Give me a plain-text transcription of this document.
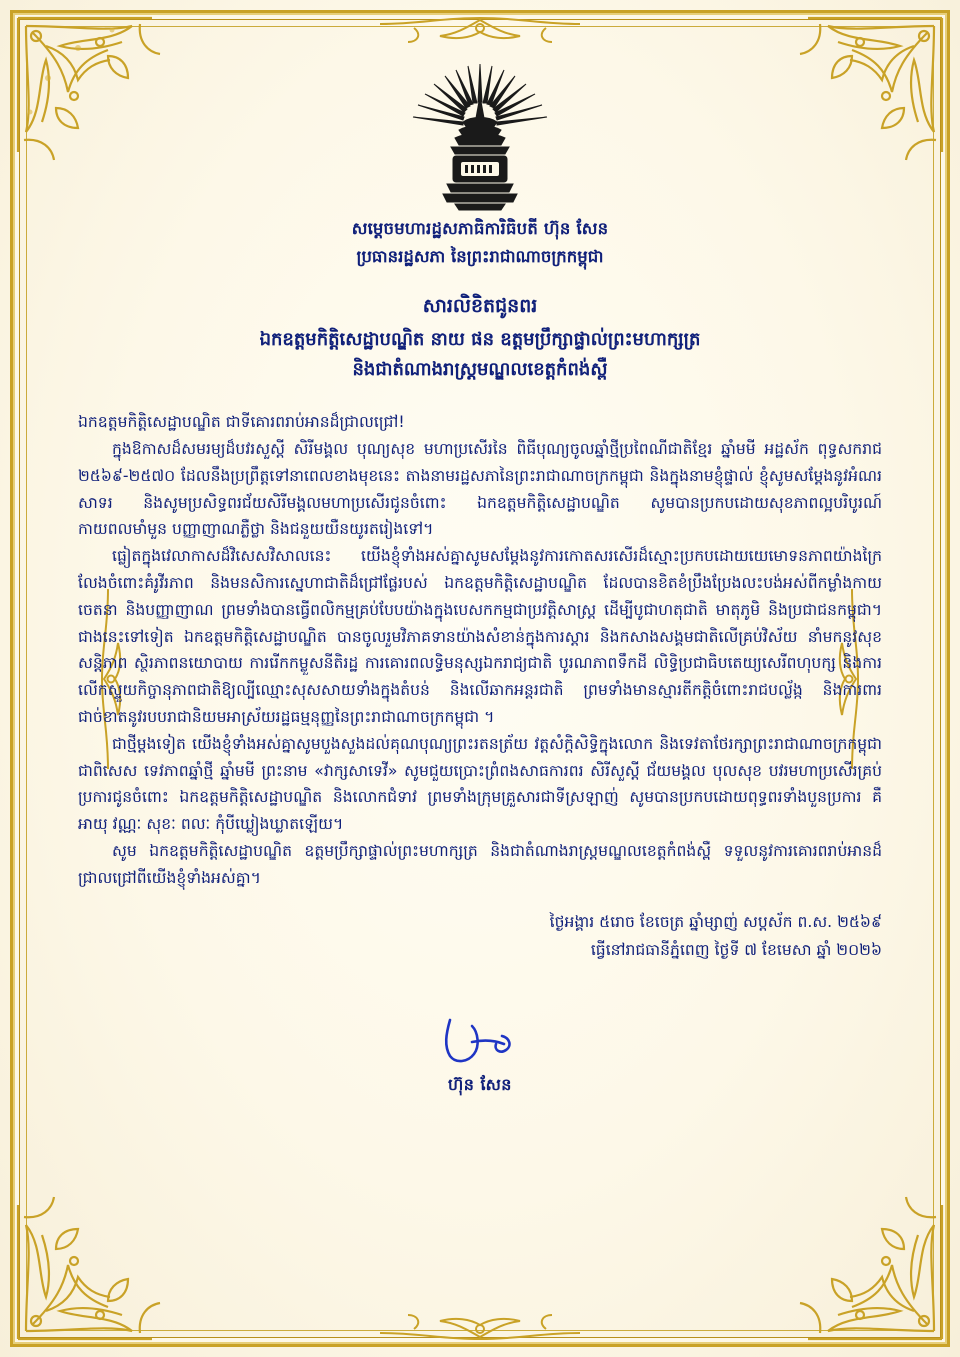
សម្តេចមហារដ្ឋសភាធិការិធិបតី ហ៊ុន សែន
ប្រធានរដ្ឋសភា នៃព្រះរាជាណាចក្រកម្ពុជា
សារលិខិតជូនពរ
ឯកឧត្តមកិត្តិសេដ្ឋាបណ្ឌិត នាយ ផន ឧត្តមប្រឹក្សាផ្ទាល់ព្រះមហាក្សត្រ
និងជាតំណាងរាស្ត្រមណ្ឌលខេត្តកំពង់ស្ពឺ

ឯកឧត្តមកិត្តិសេដ្ឋាបណ្ឌិត ជាទីគោរពរាប់អានដ៏ជ្រាលជ្រៅ!

ក្នុងឱកាសដ៏សមរម្យដ៏បវរសួស្តី សិរីមង្គល បុណ្យសុខ មហាប្រសើរនៃ ពិធីបុណ្យចូលឆ្នាំថ្មីប្រពៃណីជាតិខ្មែរ ឆ្នាំមមី អដ្ឋស័ក ពុទ្ធសករាជ ២៥៦៩-២៥៧០ ដែលនឹងប្រព្រឹត្តទៅនាពេលខាងមុខនេះ តាងនាមរដ្ឋសភានៃព្រះរាជាណាចក្រកម្ពុជា និងក្នុងនាមខ្ញុំផ្ទាល់ ខ្ញុំសូមសម្តែងនូវអំណរសាទរ និងសូមប្រសិទ្ធពរជ័យសិរីមង្គលមហាប្រសើរជូនចំពោះ ឯកឧត្តមកិត្តិសេដ្ឋាបណ្ឌិត សូមបានប្រកបដោយសុខភាពល្អបរិបូរណ៍ កាយពលមាំមួន បញ្ញាញាណភ្លឺថ្លា និងជនួយយឺនយូរតរៀងទៅ។

ធ្លៀតក្នុងវេលាកាសដ៏វិសេសវិសាលនេះ យើងខ្ញុំទាំងអស់គ្នាសូមសម្តែងនូវការកោតសរសើរដ៏ស្មោះប្រកបដោយយេមោទនភាពយ៉ាងក្រៃលែងចំពោះគំរូវីរភាព និងមនសិការស្នេហាជាតិដ៏ជ្រៅផ្លែរបស់ ឯកឧត្តមកិត្តិសេដ្ឋាបណ្ឌិត ដែលបានខិតខំប្រឹងប្រែងលះបង់អស់ពីកម្លាំងកាយចេតនា និងបញ្ញាញាណ ព្រមទាំងបានធ្វើពលិកម្មគ្រប់បែបយ៉ាងក្នុងបេសកកម្មជាប្រវត្តិសាស្ត្រ ដើម្បីបូជាហតុជាតិ មាតុភូមិ និងប្រជាជនកម្ពុជា។ ជាងនេះទៅទៀត ឯកឧត្តមកិត្តិសេដ្ឋាបណ្ឌិត បានចូលរួមវិភាគទានយ៉ាងសំខាន់ក្នុងការស្តារ និងកសាងសង្គមជាតិលើគ្រប់វិស័យ នាំមកនូវសុខសន្តិភាព ស្ថិរភាពនយោបាយ ការរើកកម្លួសនីតិរដ្ឋ ការគោរពលទ្ធិមនុស្សឯករាជ្យជាតិ បូរណភាពទឹកដី លិទ្ធិប្រជាធិបតេយ្យសេរីពហុបក្ស និងការលើកស្ទួយកិច្ចានុភាពជាតិឱ្យល្បីឈ្មោះសុសសាយទាំងក្នុងតំបន់ និងលើឆាកអន្តរជាតិ ព្រមទាំងមានស្មារតីកត្តិចំពោះរាជបល្ល័ង្ក និងការពារជាច់ខាតនូវរបបរាជានិយមអាស្រ័យរដ្ឋធម្មនុញ្ញនៃព្រះរាជាណាចក្រកម្ពុជា ។

ជាថ្មីម្តងទៀត យើងខ្ញុំទាំងអស់គ្នាសូមបួងសួងដល់គុណបុណ្យព្រះរតនត្រ័យ វត្តសំក្តិសិទ្ធិក្នុងលោក និងទេវតាថែរក្សាព្រះរាជាណាចក្រកម្ពុជា ជាពិសេស ទេវភាពឆ្នាំថ្មី ឆ្នាំមមី ព្រះនាម «វាក្សសាទេវី» សូមជួយប្រោះព្រំពងសាធការពរ សិរីសួស្តី ជ័យមង្គល បុលសុខ បវរមហាប្រសើរគ្រប់ប្រការជូនចំពោះ ឯកឧត្តមកិត្តិសេដ្ឋាបណ្ឌិត និងលោកជំទាវ ព្រមទាំងក្រុមគ្រួសារជាទីស្រឡាញ់ សូមបានប្រកបដោយពុទ្ធពរទាំងបួនប្រការ គឺ អាយុ វណ្ណៈ សុខៈ ពលៈ កុំបីឃ្លៀងឃ្លាតឡើយ។

សូម ឯកឧត្តមកិត្តិសេដ្ឋាបណ្ឌិត ឧត្តមប្រឹក្សាផ្ទាល់ព្រះមហាក្សត្រ និងជាតំណាងរាស្ត្រមណ្ឌលខេត្តកំពង់ស្ពឺ ទទួលនូវការគោរពរាប់អានដ៏ជ្រាលជ្រៅពីយើងខ្ញុំទាំងអស់គ្នា។

ថ្ងៃអង្គារ ៥រោច ខែចេត្រ ឆ្នាំម្សាញ់ សប្តស័ក ព.ស. ២៥៦៩
ធ្វើនៅរាជធានីភ្នំពេញ ថ្ងៃទី ៧ ខែមេសា ឆ្នាំ ២០២៦
ហ៊ុន សែន
